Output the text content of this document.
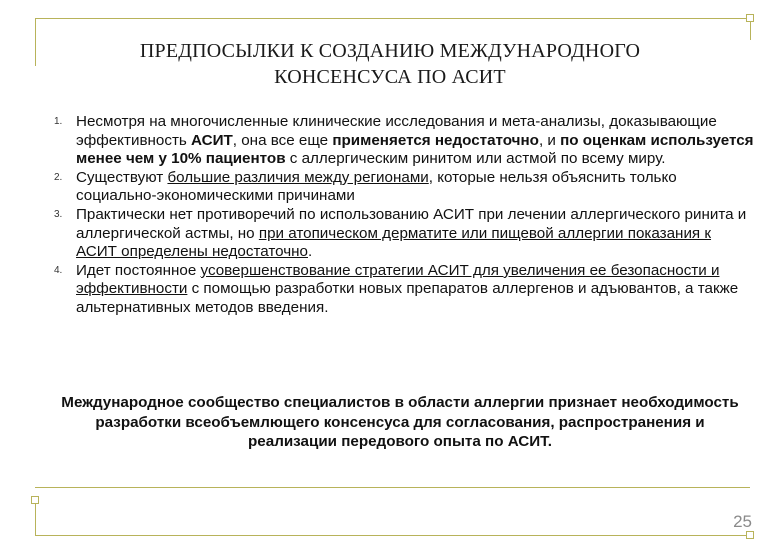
ПРЕДПОСЫЛКИ К СОЗДАНИЮ МЕЖДУНАРОДНОГО
КОНСЕНСУСА ПО АСИТ
1. Несмотря на многочисленные клинические исследования и мета-анализы, доказывающие эффективность АСИТ, она все еще применяется недостаточно, и по оценкам используется менее чем у 10% пациентов с аллергическим ринитом или астмой по всему миру.
2. Существуют большие различия между регионами, которые нельзя объяснить только социально-экономическими причинами
3. Практически нет противоречий по использованию АСИТ при лечении аллергического ринита и аллергической астмы, но при атопическом дерматите или пищевой аллергии показания к АСИТ определены недостаточно.
4. Идет постоянное усовершенствование стратегии АСИТ для увеличения ее безопасности и эффективности с помощью разработки новых препаратов аллергенов и адъювантов, а также альтернативных методов введения.
Международное сообщество специалистов в области аллергии признает необходимость разработки всеобъемлющего консенсуса для согласования, распространения и реализации передового опыта по АСИТ.
25
